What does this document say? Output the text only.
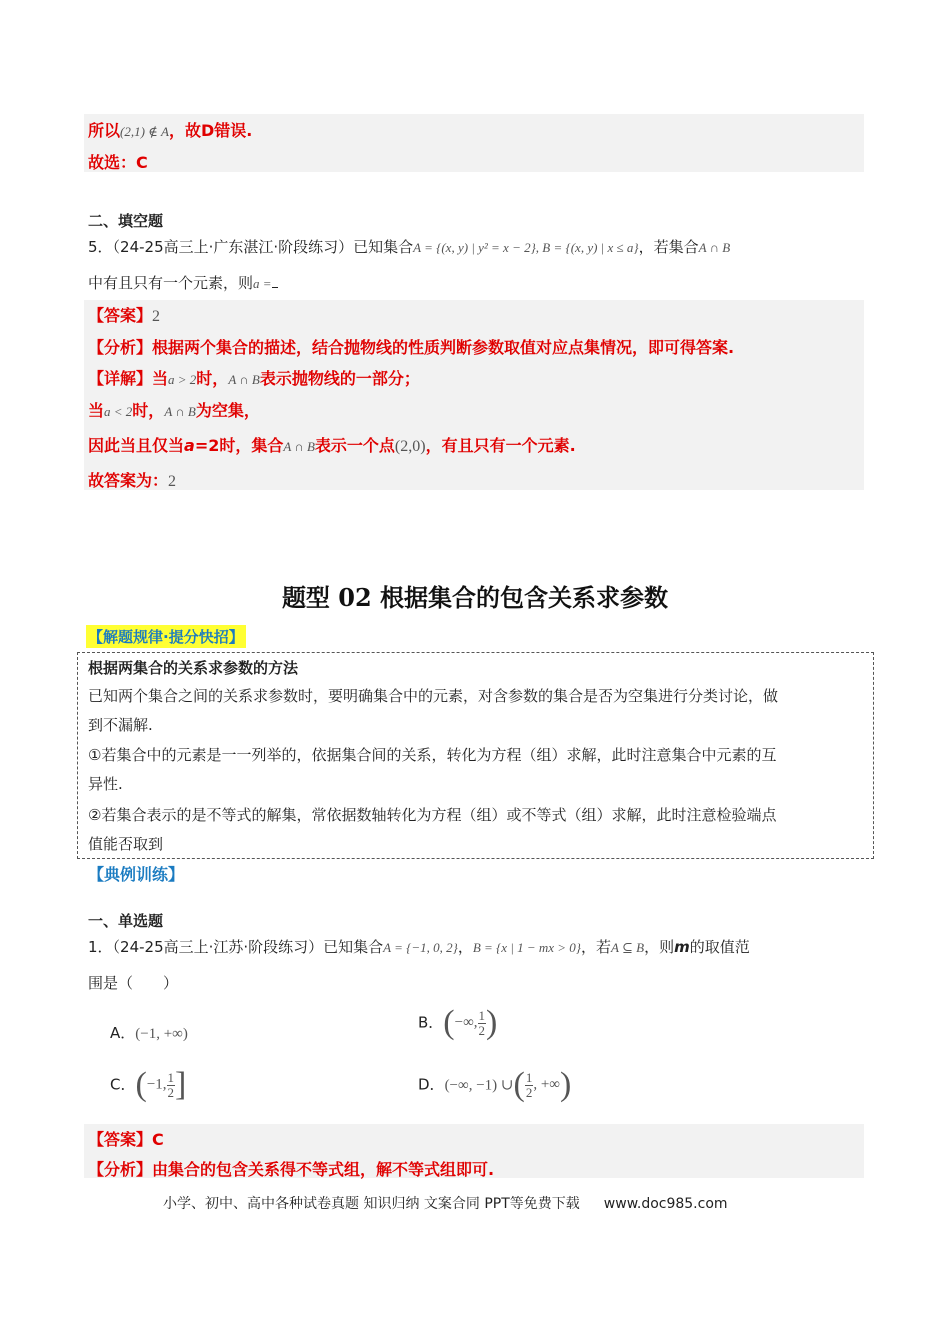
所以(2,1) ∉ A，故D错误.
故选：C
二、填空题
5．（24-25高三上·广东湛江·阶段练习）已知集合A = {(x, y) | y² = x − 2}, B = {(x, y) | x ≤ a}，若集合A ∩ B
中有且只有一个元素，则a =
【答案】2
【分析】根据两个集合的描述，结合抛物线的性质判断参数取值对应点集情况，即可得答案.
【详解】当a > 2时，A ∩ B表示抛物线的一部分；
当a < 2时，A ∩ B为空集，
因此当且仅当a=2时，集合A ∩ B表示一个点(2,0)，有且只有一个元素.
故答案为：2
题型 02 根据集合的包含关系求参数
【解题规律·提分快招】
根据两集合的关系求参数的方法
已知两个集合之间的关系求参数时，要明确集合中的元素，对含参数的集合是否为空集进行分类讨论，做
到不漏解.
①若集合中的元素是一一列举的，依据集合间的关系，转化为方程（组）求解，此时注意集合中元素的互
异性.
②若集合表示的是不等式的解集，常依据数轴转化为方程（组）或不等式（组）求解，此时注意检验端点
值能否取到
【典例训练】
一、单选题
1．（24-25高三上·江苏·阶段练习）已知集合A = {−1, 0, 2}，B = {x | 1 − mx > 0}，若A ⊆ B，则m的取值范
围是（　　）
A．(−1, +∞)
B．(−∞, $\frac{1}{2}$ )
C．(−1, $\frac{1}{2}$ ]	D．(−∞, −1) ∪( $\frac{1}{2}$ , +∞)
【答案】C
【分析】由集合的包含关系得不等式组，解不等式组即可.
小学、初中、高中各种试卷真题 知识归纳 文案合同 PPT等免费下载 www.doc985.com
